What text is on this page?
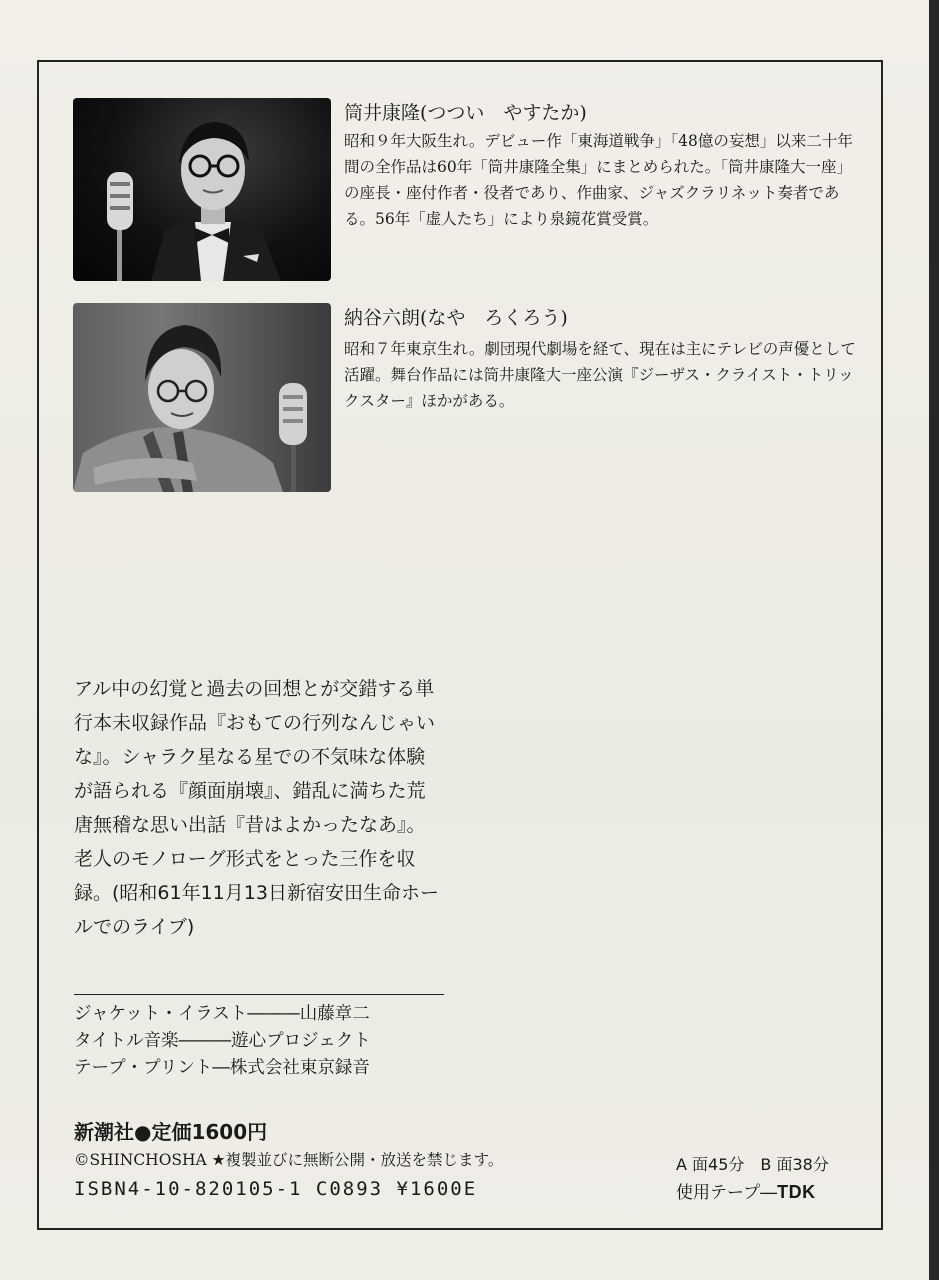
筒井康隆(つつい　やすたか)
昭和９年大阪生れ。デビュー作「東海道戦争」「48億の妄想」以来二十年間の全作品は60年「筒井康隆全集」にまとめられた。「筒井康隆大一座」の座長・座付作者・役者であり、作曲家、ジャズクラリネット奏者である。56年「虚人たち」により泉鏡花賞受賞。
納谷六朗(なや　ろくろう)
昭和７年東京生れ。劇団現代劇場を経て、現在は主にテレビの声優として活躍。舞台作品には筒井康隆大一座公演『ジーザス・クライスト・トリックスター』ほかがある。
アル中の幻覚と過去の回想とが交錯する単行本未収録作品『おもての行列なんじゃいな』。シャラク星なる星での不気味な体験が語られる『顔面崩壊』、錯乱に満ちた荒唐無稽な思い出話『昔はよかったなあ』。老人のモノローグ形式をとった三作を収録。(昭和61年11月13日新宿安田生命ホールでのライブ)
ジャケット・イラスト―――山藤章二
タイトル音楽―――遊心プロジェクト
テープ・プリント―株式会社東京録音
新潮社●定価1600円
©SHINCHOSHA ★複製並びに無断公開・放送を禁じます。
ISBN4-10-820105-1 C0893 ¥1600E
A 面45分　B 面38分
使用テープ―TDK
